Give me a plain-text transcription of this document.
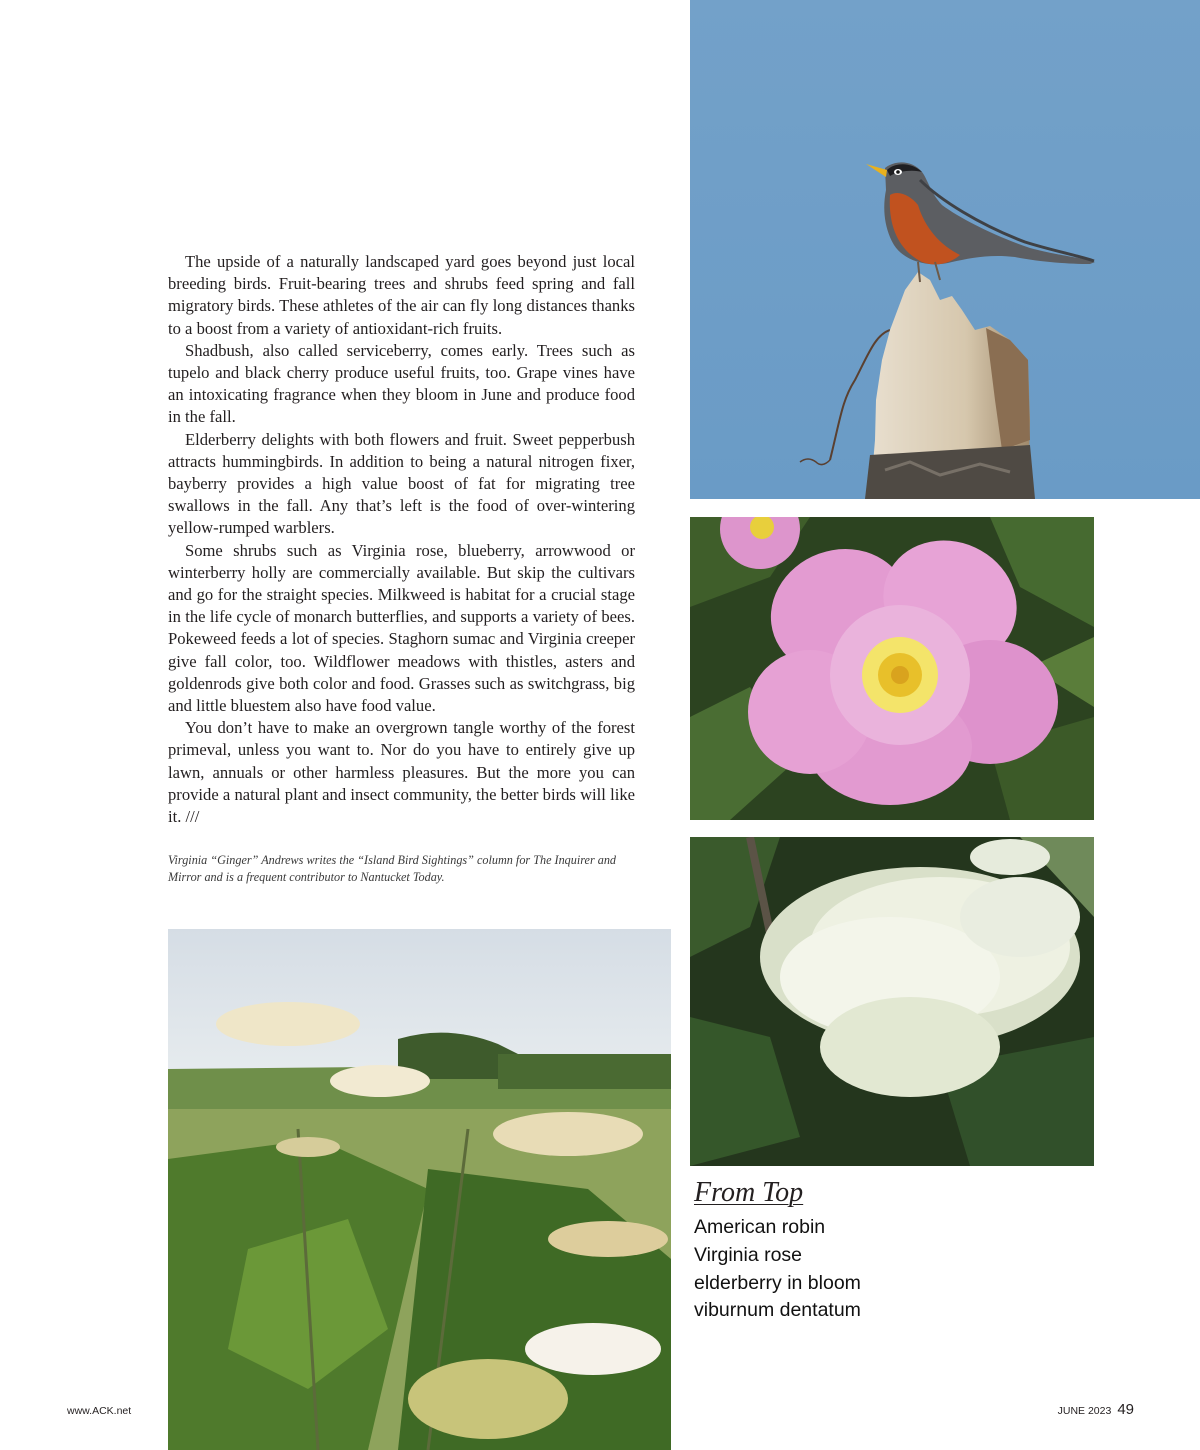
The upside of a naturally landscaped yard goes beyond just local breeding birds. Fruit-bearing trees and shrubs feed spring and fall migratory birds. These athletes of the air can fly long distances thanks to a boost from a variety of antioxidant-rich fruits.

Shadbush, also called serviceberry, comes early. Trees such as tupelo and black cherry produce useful fruits, too. Grape vines have an intoxicating fragrance when they bloom in June and produce food in the fall.

Elderberry delights with both flowers and fruit. Sweet pepperbush attracts hummingbirds. In addition to being a natural nitrogen fixer, bayberry provides a high value boost of fat for migrating tree swallows in the fall. Any that’s left is the food of over-wintering yellow-rumped warblers.

Some shrubs such as Virginia rose, blueberry, arrowwood or winterberry holly are commercially available. But skip the cultivars and go for the straight species. Milkweed is habitat for a crucial stage in the life cycle of monarch butterflies, and supports a variety of bees. Pokeweed feeds a lot of species. Staghorn sumac and Virginia creeper give fall color, too. Wildflower meadows with thistles, asters and goldenrods give both color and food. Grasses such as switchgrass, big and little bluestem also have food value.

You don’t have to make an overgrown tangle worthy of the forest primeval, unless you want to. Nor do you have to entirely give up lawn, annuals or other harmless pleasures. But the more you can provide a natural plant and insect community, the better birds will like it. ///

Virginia “Ginger” Andrews writes the “Island Bird Sightings” column for The Inquirer and Mirror and is a frequent contributor to Nantucket Today.
From Top
American robin
Virginia rose
elderberry in bloom
viburnum dentatum
www.ACK.net	JUNE 2023 49
